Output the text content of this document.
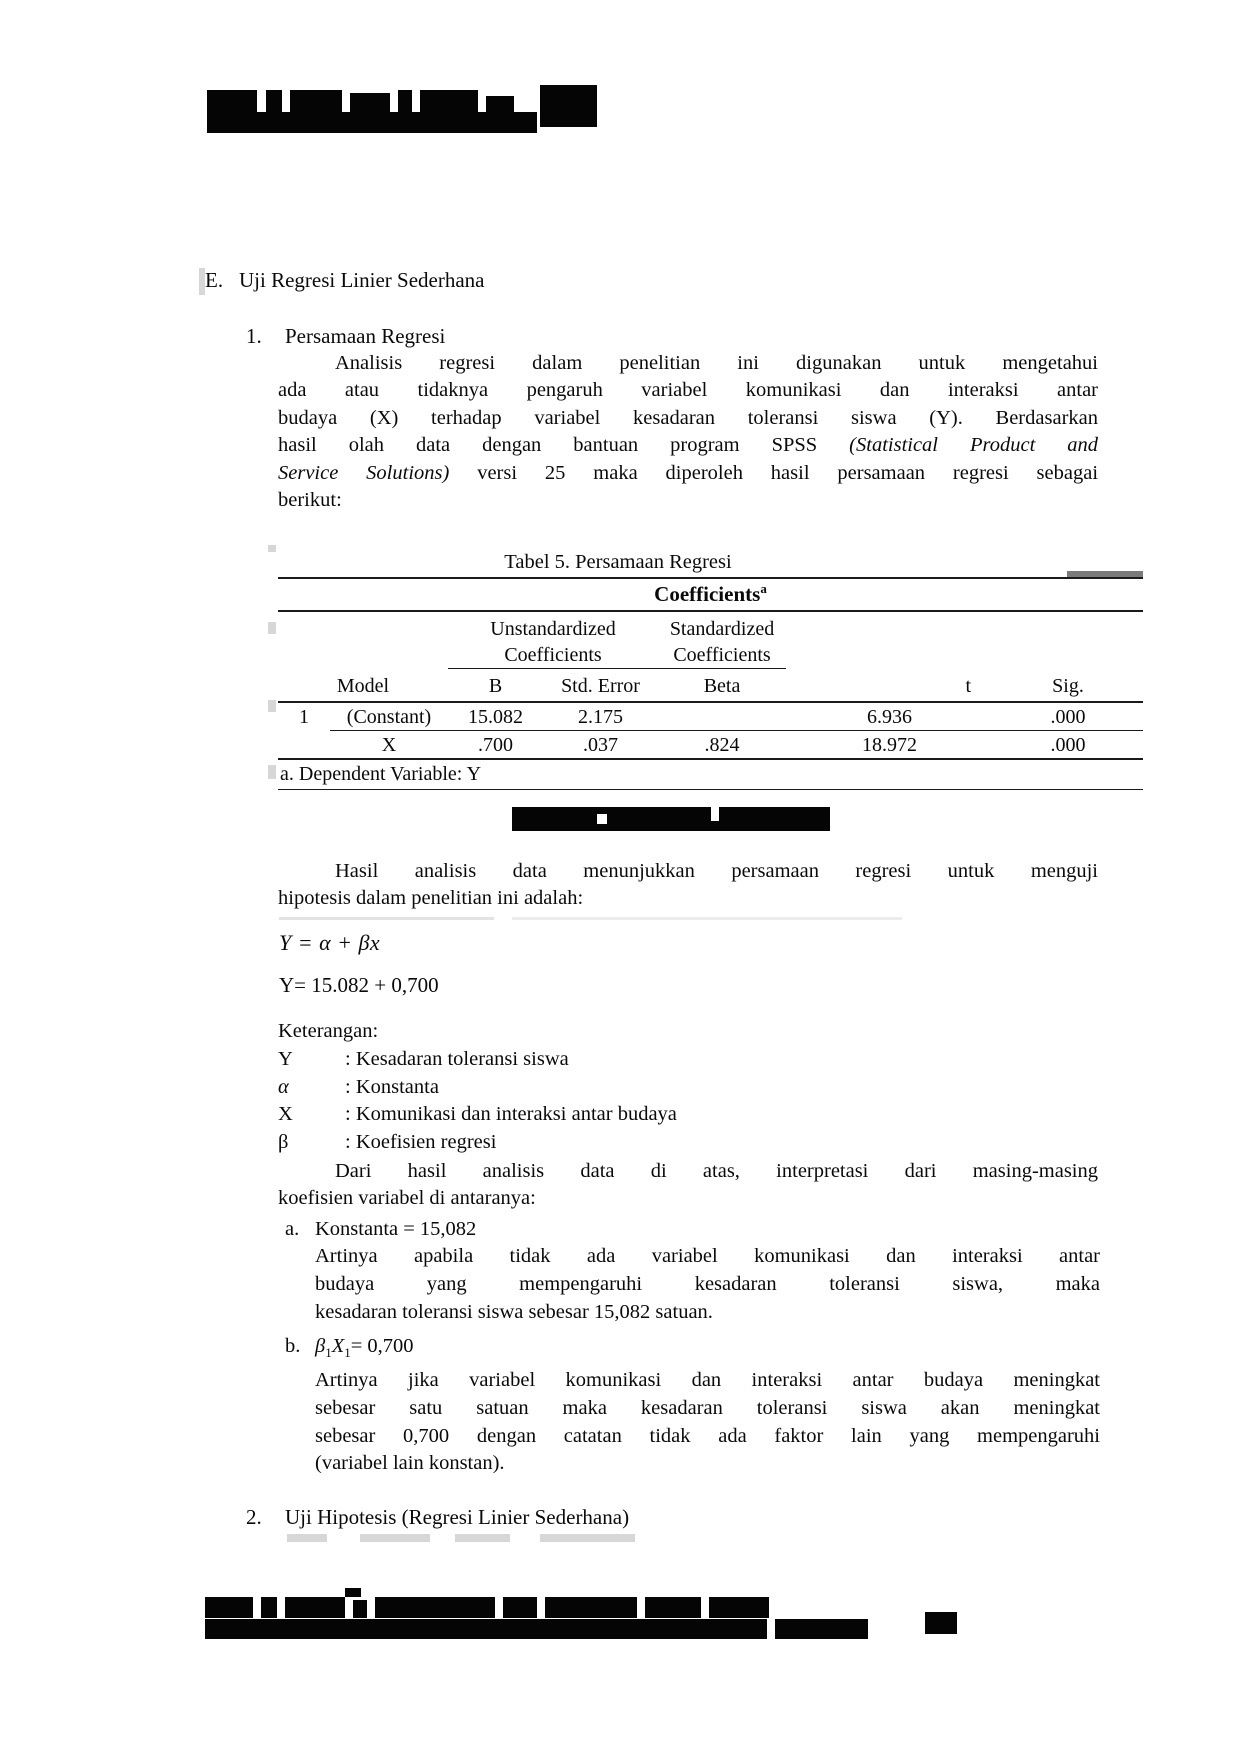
E. Uji Regresi Linier Sederhana
1.	Persamaan Regresi
Analisis regresi dalam penelitian ini digunakan untuk mengetahui
ada atau tidaknya pengaruh variabel komunikasi dan interaksi antar
budaya (X) terhadap variabel kesadaran toleransi siswa (Y). Berdasarkan
hasil olah data dengan bantuan program SPSS (Statistical Product and
Service Solutions) versi 25 maka diperoleh hasil persamaan regresi sebagai
berikut:
Tabel 5. Persamaan Regresi
Coefficients$^a$
		Unstandardized Coefficients		Standardized Coefficients		
Model		B	Std. Error	Beta	t	Sig.
1	(Constant)	15.082	2.175		6.936	.000
	X	.700	.037	.824	18.972	.000
a. Dependent Variable: Y
Hasil analisis data menunjukkan persamaan regresi untuk menguji
hipotesis dalam penelitian ini adalah:
Y = α + βx
Y= 15.082 + 0,700
Keterangan:
Y	: Kesadaran toleransi siswa
α	: Konstanta
X	: Komunikasi dan interaksi antar budaya
β	: Koefisien regresi
Dari hasil analisis data di atas, interpretasi dari masing-masing
koefisien variabel di antaranya:
a. Konstanta = 15,082
Artinya apabila tidak ada variabel komunikasi dan interaksi antar
budaya yang mempengaruhi kesadaran toleransi siswa, maka
kesadaran toleransi siswa sebesar 15,082 satuan.
b. $\beta_1X_1= 0,700$
Artinya jika variabel komunikasi dan interaksi antar budaya meningkat
sebesar satu satuan maka kesadaran toleransi siswa akan meningkat
sebesar 0,700 dengan catatan tidak ada faktor lain yang mempengaruhi
(variabel lain konstan).
2.	Uji Hipotesis (Regresi Linier Sederhana)
